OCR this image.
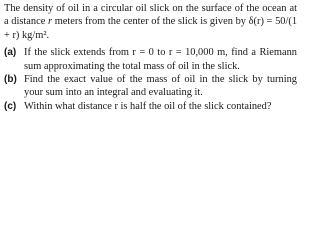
The density of oil in a circular oil slick on the surface of the ocean at a distance r meters from the center of the slick is given by δ(r) = 50/(1 + r) kg/m².

(a) If the slick extends from r = 0 to r = 10,000 m, find a Riemann sum approximating the total mass of oil in the slick.
(b) Find the exact value of the mass of oil in the slick by turning your sum into an integral and evaluating it.
(c) Within what distance r is half the oil of the slick contained?
